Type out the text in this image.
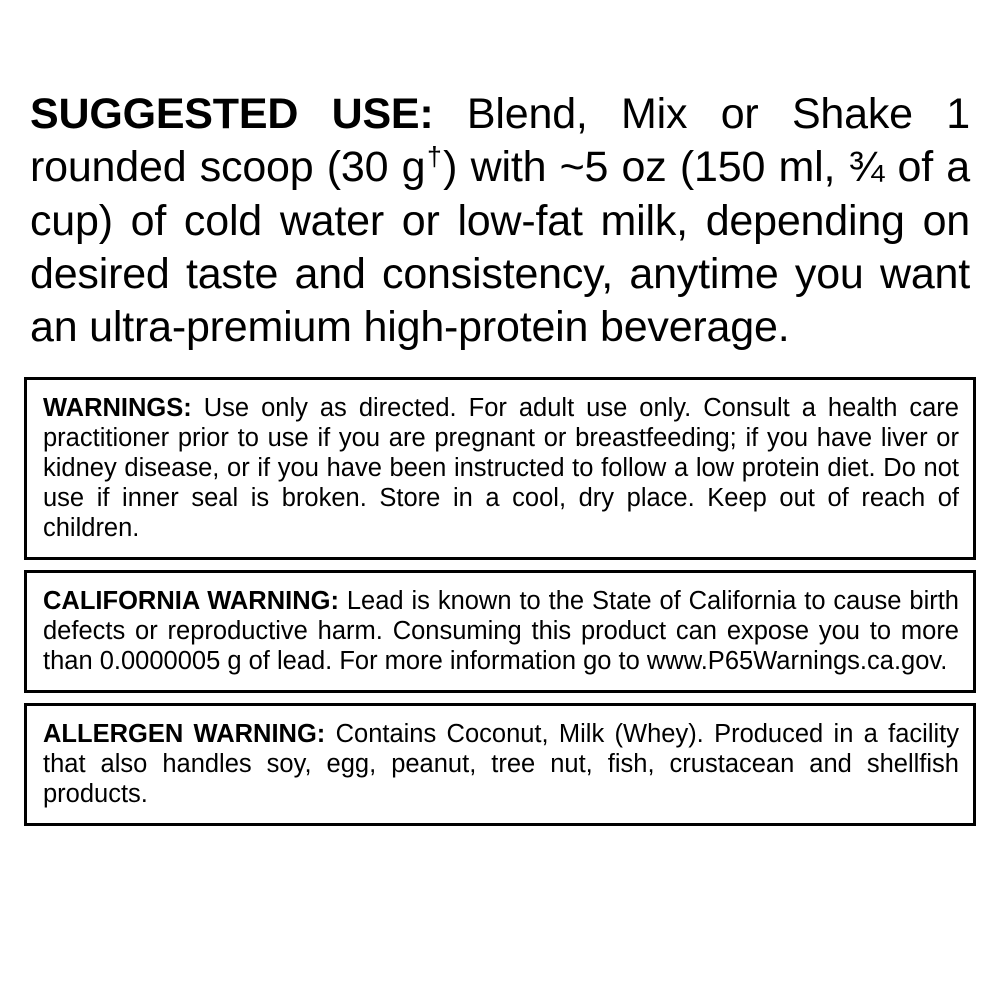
SUGGESTED USE: Blend, Mix or Shake 1 rounded scoop (30 g†) with ~5 oz (150 ml, ¾ of a cup) of cold water or low-fat milk, depending on desired taste and consistency, anytime you want an ultra-premium high-protein beverage.

WARNINGS: Use only as directed. For adult use only. Consult a health care practitioner prior to use if you are pregnant or breastfeeding; if you have liver or kidney disease, or if you have been instructed to follow a low protein diet. Do not use if inner seal is broken. Store in a cool, dry place. Keep out of reach of children.

CALIFORNIA WARNING: Lead is known to the State of California to cause birth defects or reproductive harm. Consuming this product can expose you to more than 0.0000005 g of lead. For more information go to www.P65Warnings.ca.gov.

ALLERGEN WARNING: Contains Coconut, Milk (Whey). Produced in a facility that also handles soy, egg, peanut, tree nut, fish, crustacean and shellfish products.
